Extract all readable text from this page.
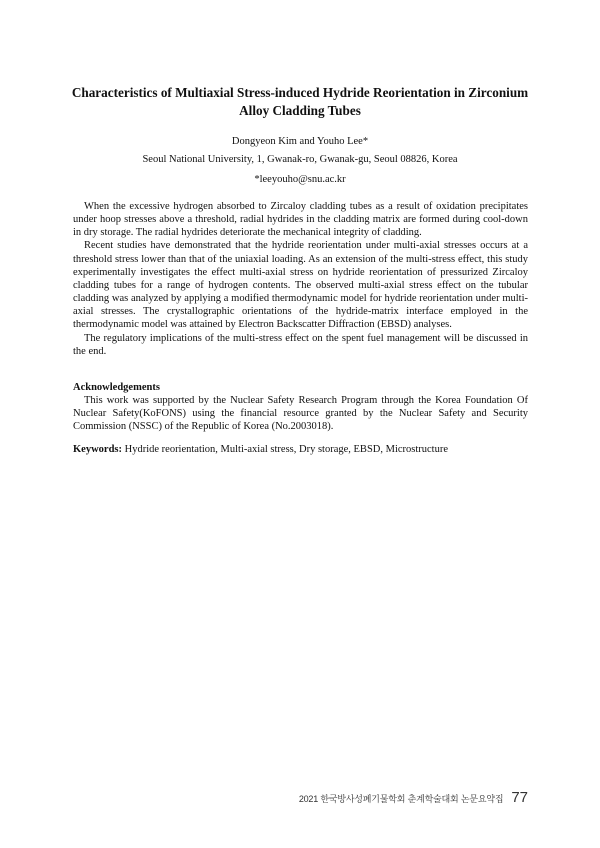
Characteristics of Multiaxial Stress-induced Hydride Reorientation in Zirconium Alloy Cladding Tubes
Dongyeon Kim and Youho Lee*
Seoul National University, 1, Gwanak-ro, Gwanak-gu, Seoul 08826, Korea
*leeyouho@snu.ac.kr

When the excessive hydrogen absorbed to Zircaloy cladding tubes as a result of oxidation precipitates under hoop stresses above a threshold, radial hydrides in the cladding matrix are formed during cool-down in dry storage. The radial hydrides deteriorate the mechanical integrity of cladding.

Recent studies have demonstrated that the hydride reorientation under multi-axial stresses occurs at a threshold stress lower than that of the uniaxial loading. As an extension of the multi-stress effect, this study experimentally investigates the effect multi-axial stress on hydride reorientation of pressurized Zircaloy cladding tubes for a range of hydrogen contents. The observed multi-axial stress effect on the tubular cladding was analyzed by applying a modified thermodynamic model for hydride reorientation under multi-axial stresses. The crystallographic orientations of the hydride-matrix interface employed in the thermodynamic model was attained by Electron Backscatter Diffraction (EBSD) analyses.

The regulatory implications of the multi-stress effect on the spent fuel management will be discussed in the end.

Acknowledgements

This work was supported by the Nuclear Safety Research Program through the Korea Foundation Of Nuclear Safety(KoFONS) using the financial resource granted by the Nuclear Safety and Security Commission (NSSC) of the Republic of Korea (No.2003018).

Keywords: Hydride reorientation, Multi-axial stress, Dry storage, EBSD, Microstructure
2021 한국방사성폐기물학회 춘계학술대회 논문요약집 77
